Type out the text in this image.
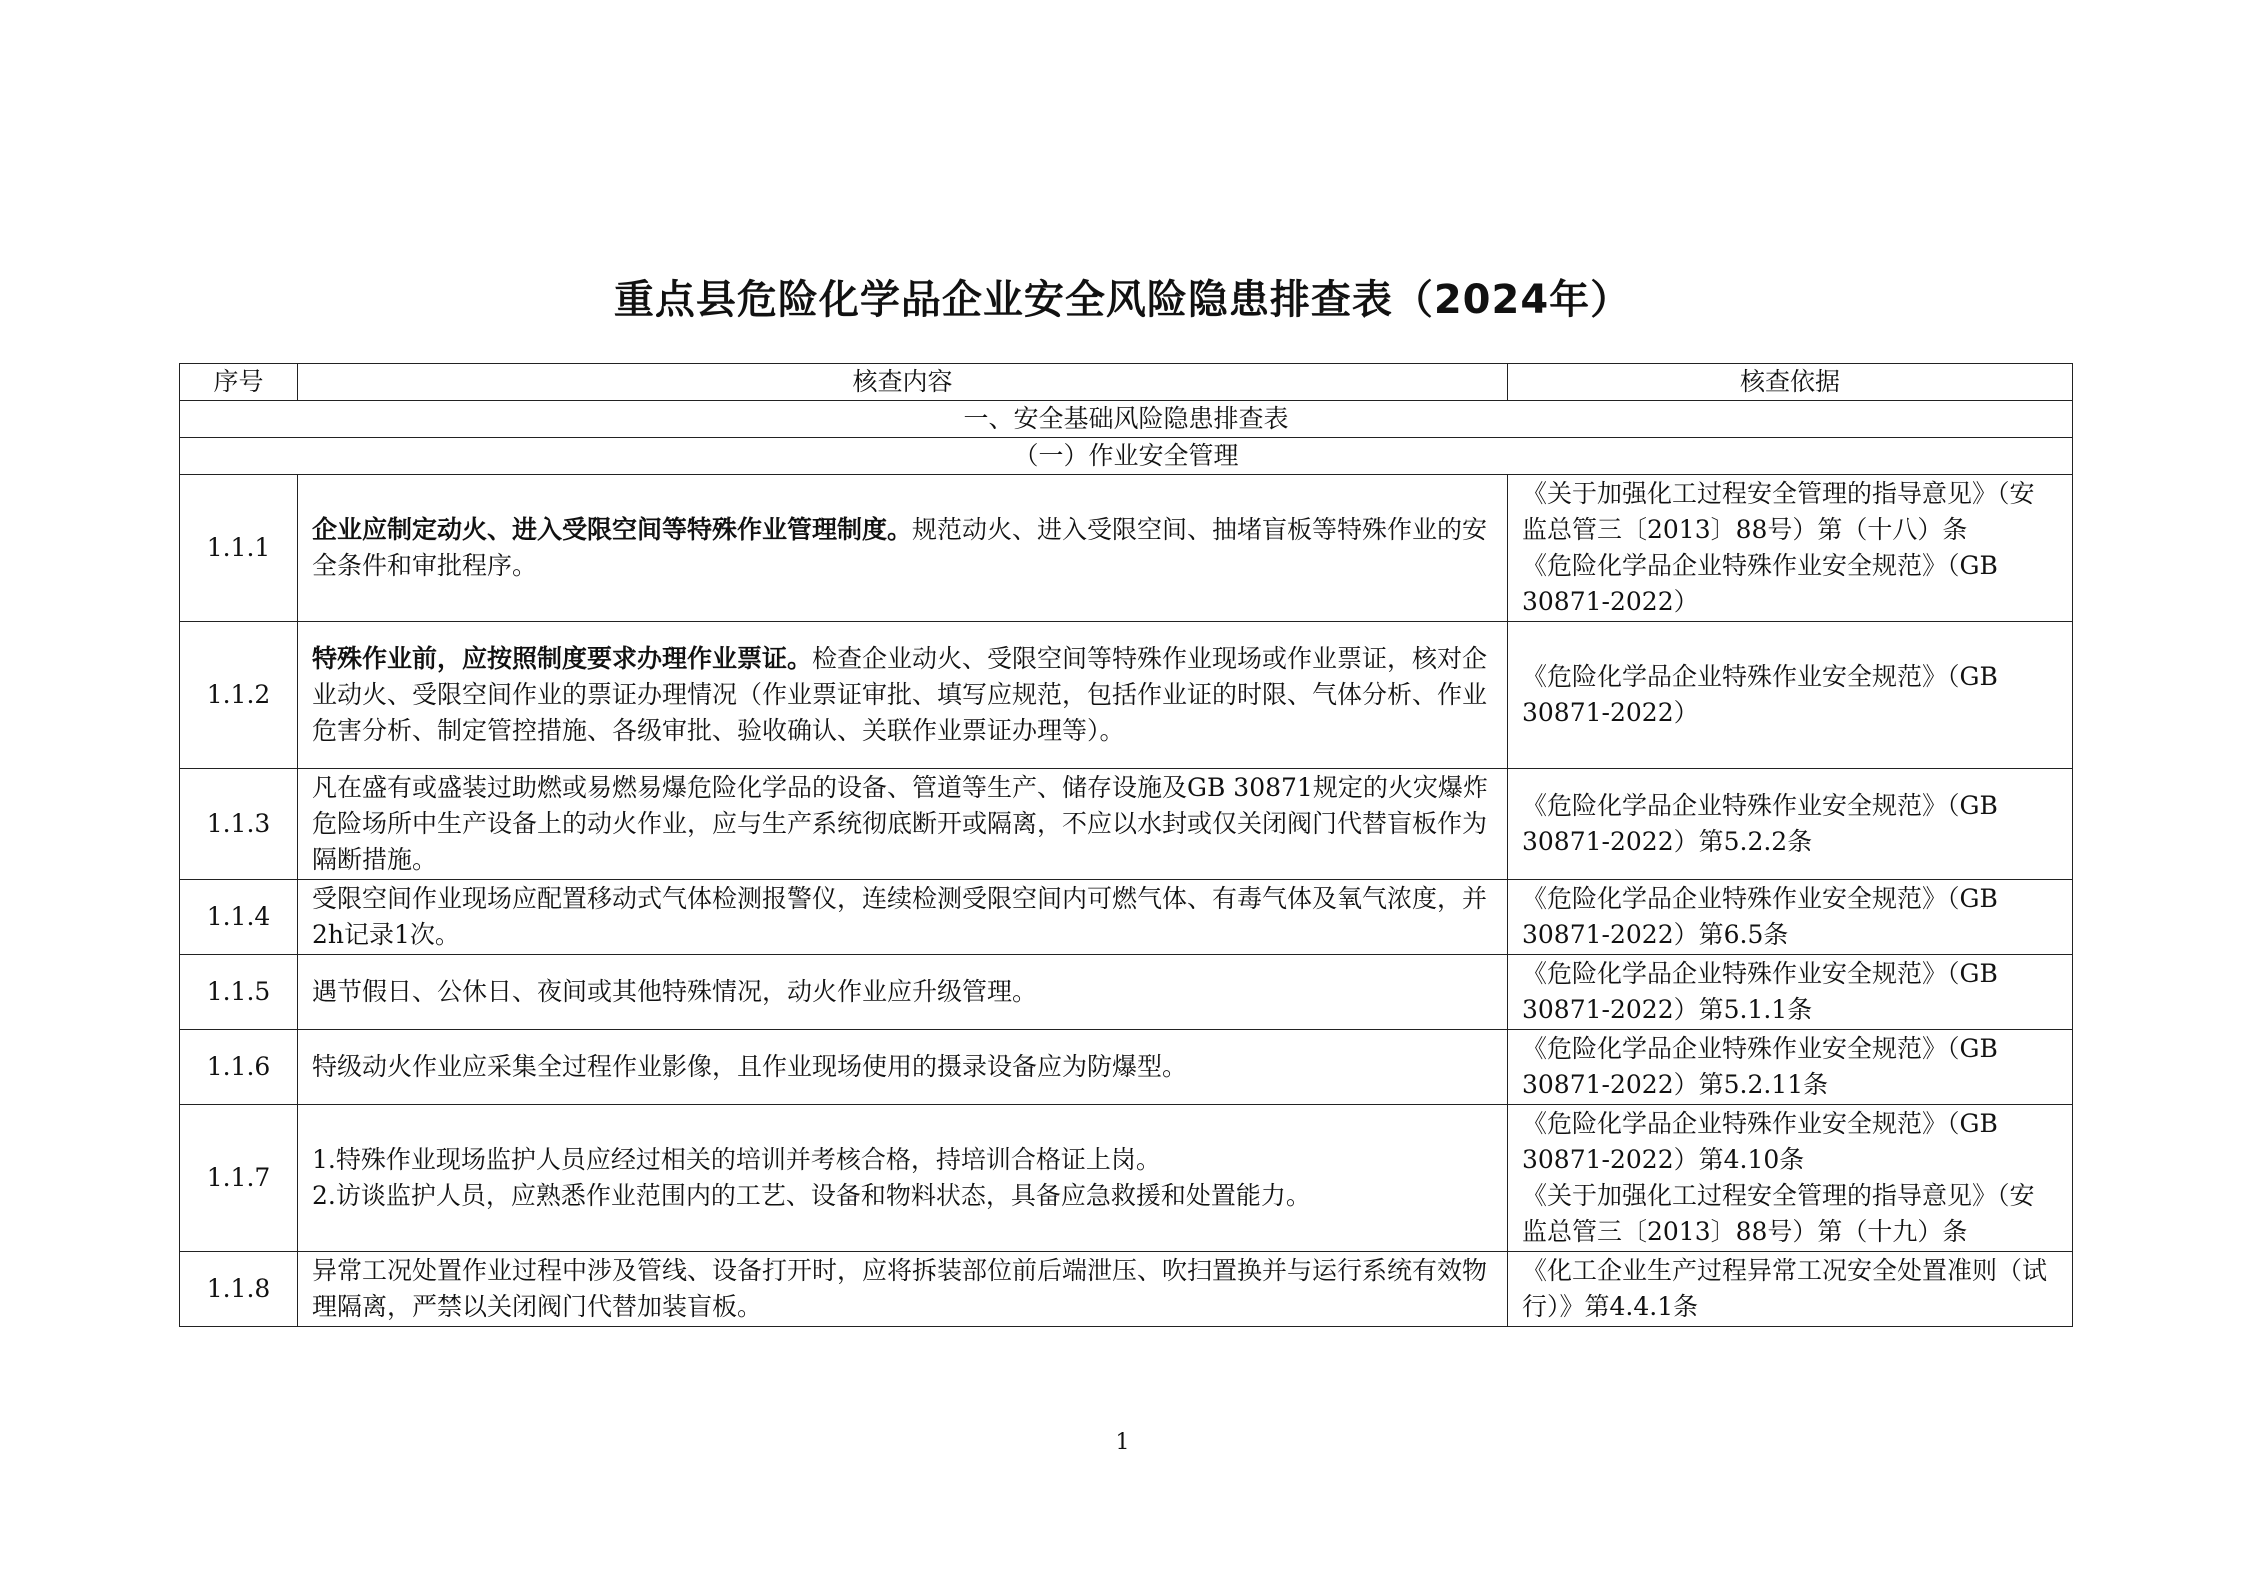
重点县危险化学品企业安全风险隐患排查表（2024年）
序号	核查内容	核查依据
一、安全基础风险隐患排查表		
（一）作业安全管理		
1.1.1	企业应制定动火、进入受限空间等特殊作业管理制度。规范动火、进入受限空间、抽堵盲板等特殊作业的安全条件和审批程序。	《关于加强化工过程安全管理的指导意见》（安监总管三〔2013〕88号）第（十八）条
《危险化学品企业特殊作业安全规范》（GB 30871-2022）

1.1.2	特殊作业前，应按照制度要求办理作业票证。检查企业动火、受限空间等特殊作业现场或作业票证，核对企业动火、受限空间作业的票证办理情况（作业票证审批、填写应规范，包括作业证的时限、气体分析、作业危害分析、制定管控措施、各级审批、验收确认、关联作业票证办理等）。	《危险化学品企业特殊作业安全规范》（GB 30871-2022）

1.1.3	凡在盛有或盛装过助燃或易燃易爆危险化学品的设备、管道等生产、储存设施及GB 30871规定的火灾爆炸危险场所中生产设备上的动火作业，应与生产系统彻底断开或隔离，不应以水封或仅关闭阀门代替盲板作为隔断措施。	《危险化学品企业特殊作业安全规范》（GB 30871-2022）第5.2.2条

1.1.4	受限空间作业现场应配置移动式气体检测报警仪，连续检测受限空间内可燃气体、有毒气体及氧气浓度，并2h记录1次。	《危险化学品企业特殊作业安全规范》（GB 30871-2022）第6.5条

1.1.5	遇节假日、公休日、夜间或其他特殊情况，动火作业应升级管理。	《危险化学品企业特殊作业安全规范》（GB 30871-2022）第5.1.1条

1.1.6	特级动火作业应采集全过程作业影像，且作业现场使用的摄录设备应为防爆型。	《危险化学品企业特殊作业安全规范》（GB 30871-2022）第5.2.11条

1.1.7	1.特殊作业现场监护人员应经过相关的培训并考核合格，持培训合格证上岗。
2.访谈监护人员，应熟悉作业范围内的工艺、设备和物料状态，具备应急救援和处置能力。	《危险化学品企业特殊作业安全规范》（GB 30871-2022）第4.10条
《关于加强化工过程安全管理的指导意见》（安监总管三〔2013〕88号）第（十九）条

1.1.8	异常工况处置作业过程中涉及管线、设备打开时，应将拆装部位前后端泄压、吹扫置换并与运行系统有效物理隔离，严禁以关闭阀门代替加装盲板。	《化工企业生产过程异常工况安全处置准则（试行）》第4.4.1条
1
